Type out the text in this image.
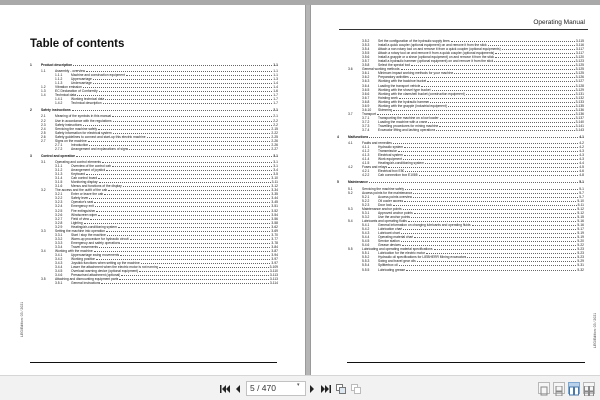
Table of contents
1	Product description	1-1
1.1	Assembly - overview	1-1
1.1.1	Machine and construction equipment	1-1
1.1.2	Uppercarriage	1-3
1.1.3	Undercarriage	1-4
1.2	Vibration emission	1-4
1.3	EC Declaration of Conformity	1-6
1.4	Technical data	1-7
1.4.1	Working technical data	1-7
1.4.2	Technical description	1-7
2	Safety instructions	2-1
2.1	Meaning of the symbols in this manual	2-1
2.2	Use in accordance with the regulations	2-2
2.3	Safety instructions	2-2
2.4	Servicing the machine safely	2-15
2.5	Safety information for electrical system	2-22
2.6	Safety guidelines to connect and start-up this electric machine	2-25
2.7	Signs on the machine	2-26
2.7.1	Introduction	2-26
2.7.2	Arrangement and explanations of signs	2-27
3	Control and operation	3-1
3.1	Operating and control elements	3-1
3.1.1	Overview of the control cab	3-1
3.1.2	Arrangement of joystick	3-4
3.1.3	Keyboard	3-5
3.1.4	Cab control board	3-10
3.1.5	Monitoring display	3-11
3.1.6	Menus and functions of the display	3-12
3.2	The access and the outfit of the cab	3-34
3.2.1	Enter or leave the cab	3-35
3.2.2	Safety lever	3-44
3.2.3	Operator's seat	3-45
3.2.4	Emergency exit	3-51
3.2.5	Fire extinguisher	3-52
3.2.6	Windscreen wiper	3-54
3.2.7	Field of view	3-56
3.2.8	Lighting	3-58
3.2.9	Heating/air-conditioning system	3-62
3.3	Setting the machine into operation	3-69
3.3.1	Start / stop the machine	3-70
3.3.2	Warm-up procedure for hydraulic circuit	3-77
3.3.3	Emergency and safety operations	3-78
3.3.4	Travel movements	3-84
3.4	Working with the machine	3-87
3.4.1	Uppercarriage swing movements	3-94
3.4.2	Working position	3-97
3.4.3	Joystick functions when setting up the machine	3-97
3.4.4	Lower the attachment when the electric motor is not running	3-109
3.4.5	Overload warning device (optional equipment)	3-110
3.4.6	Pressurised attachment (optional)	3-113
3.5	Attaching and dismounting equipment parts	3-113
3.5.1	General instructions	3-114
LEG/Edition: 03 / 2021
Operating Manual
3.5.2	Set the configuration of the hydraulic supply lines	3-115
3.5.3	Install a quick coupler (optional equipment) on and remove it from the stick	3-116
3.5.4	Attach a non rotary tool on and remove it from a quick coupler (optional equipments)	3-117
3.5.5	Attach a rotary tool on and remove it from a quick coupler (optional equipments)	3-117
3.5.6	Install a grapple or a shear (optional equipment) on and remove it from the stick	3-120
3.5.7	Install a hydraulic hammer (optional equipment) on and remove it from the stick	3-123
3.5.8	Select the special tool	3-125
3.6	General working methods	3-125
3.6.1	Minimum impact working methods for your machine	3-125
3.6.2	Preparatory activities	3-126
3.6.3	Working with the backhoe bucket	3-127
3.6.4	Loading the transport vehicle	3-128
3.6.5	Working with the shovel type bucket	3-129
3.6.6	Working with the clamshell bucket (construction equipment)	3-131
3.6.7	Hoisting work	3-132
3.6.8	Working with the hydraulic hammer	3-133
3.6.9	Working with the grapple (industrial equipment)	3-135
3.6.10	Skimming	3-136
3.7	Transport	3-136
3.7.1	Transporting the machine on a low loader	3-137
3.7.2	Loading the machine with a crane	3-140
3.7.3	Travelling procedures for mining machine	3-141
3.7.4	Excavator lifting and lashing operations	3-143
4	Malfunctions	4-1
4.1	Faults and remedies	4-2
4.1.1	Hydraulic system	4-2
4.1.2	Transmission	4-3
4.1.3	Electrical system	4-3
4.1.4	Work equipment	4-3
4.1.5	Heating/air-conditioning system	4-4
4.2	Fuses and relays	4-5
4.2.1	Electrical box E50	4-6
4.2.2	Cab connection box E1085	4-8
5	Maintenance	5-1
5.1	Servicing the machine safely	5-1
5.2	Access points for the maintenance	5-7
5.2.1	Access points overview	5-7
5.2.2	Oil cooler access	5-10
5.2.3	Door lock	5-11
5.3	Maintenance anchor points	5-12
5.3.1	Approved anchor points	5-12
5.3.2	Use the anchor points	5-15
5.4	Lubricants and operating fluids	5-16
5.4.1	General information on changing lubricants and operating fluids	5-16
5.4.2	Lubrication chart	5-17
5.4.3	Lubricant chart	5-19
5.4.4	Operating material chart	5-19
5.4.5	Service station	5-20
5.4.6	Grease devices	5-22
5.5	Lubricating and operating material specifications	5-23
5.5.1	Lubrication for the electric motor	5-23
5.5.2	Hydraulic oil specifications for LIEBHERR Mining excavators	5-23
5.5.3	Swing and travel gear oils	5-29
5.5.4	Splitterbox oil	5-31
5.5.5	Lubricating grease	5-32
LEG/Edition: 03 / 2021
5 / 470	▾
